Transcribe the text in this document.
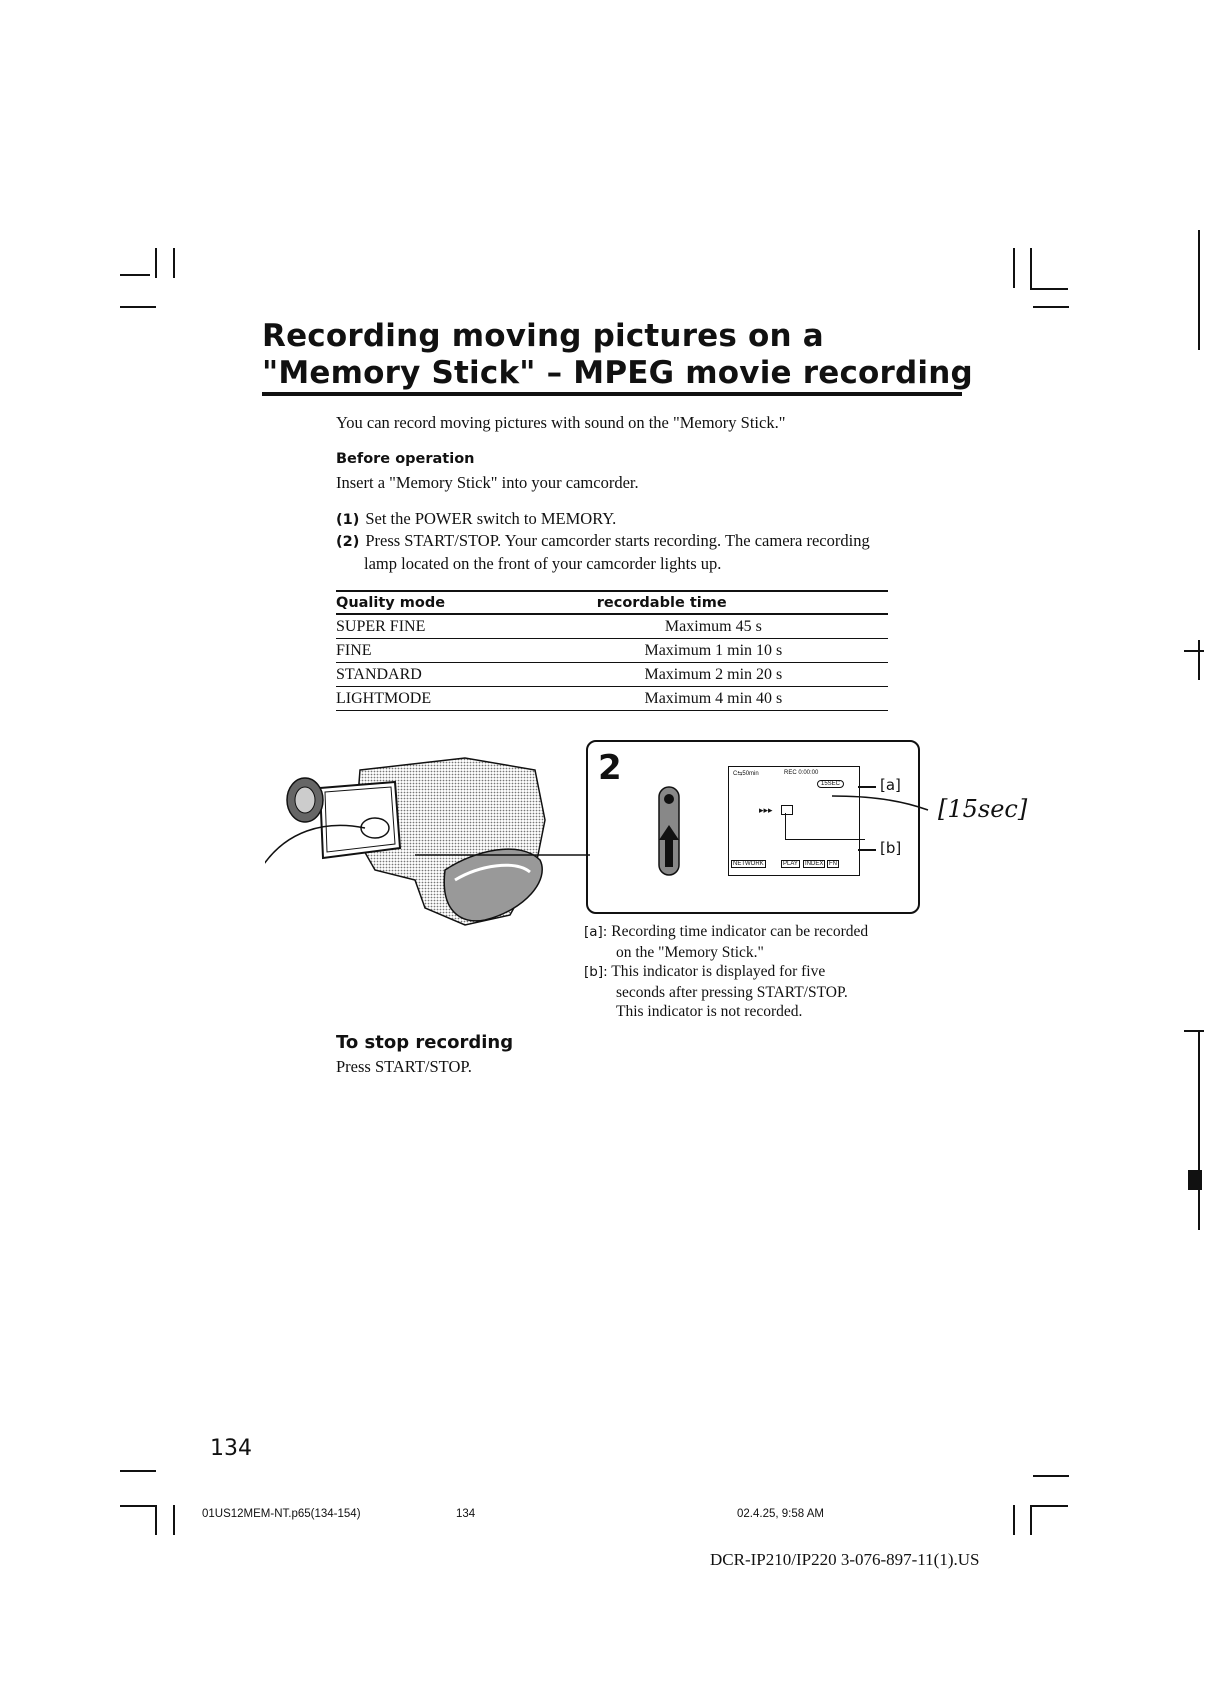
Recording moving pictures on a "Memory Stick" – MPEG movie recording
You can record moving pictures with sound on the "Memory Stick."
Before operation
Insert a "Memory Stick" into your camcorder.
(1) Set the POWER switch to MEMORY.
(2) Press START/STOP. Your camcorder starts recording. The camera recording
lamp located on the front of your camcorder lights up.
Quality mode	recordable time
SUPER FINE	Maximum 45 s
FINE	Maximum 1 min 10 s
STANDARD	Maximum 2 min 20 s
LIGHTMODE	Maximum 4 min 40 s
2	C⇆50min	REC 0:00:00
15SEC
▸▸▸
NETWORK	PLAY	INDEX FN
[a]
[b]
[15sec]
[a]: Recording time indicator can be recorded
on the "Memory Stick."
[b]: This indicator is displayed for five
seconds after pressing START/STOP.
This indicator is not recorded.
To stop recording
Press START/STOP.
134
01US12MEM-NT.p65(134-154)	134	02.4.25, 9:58 AM
DCR-IP210/IP220 3-076-897-11(1).US
